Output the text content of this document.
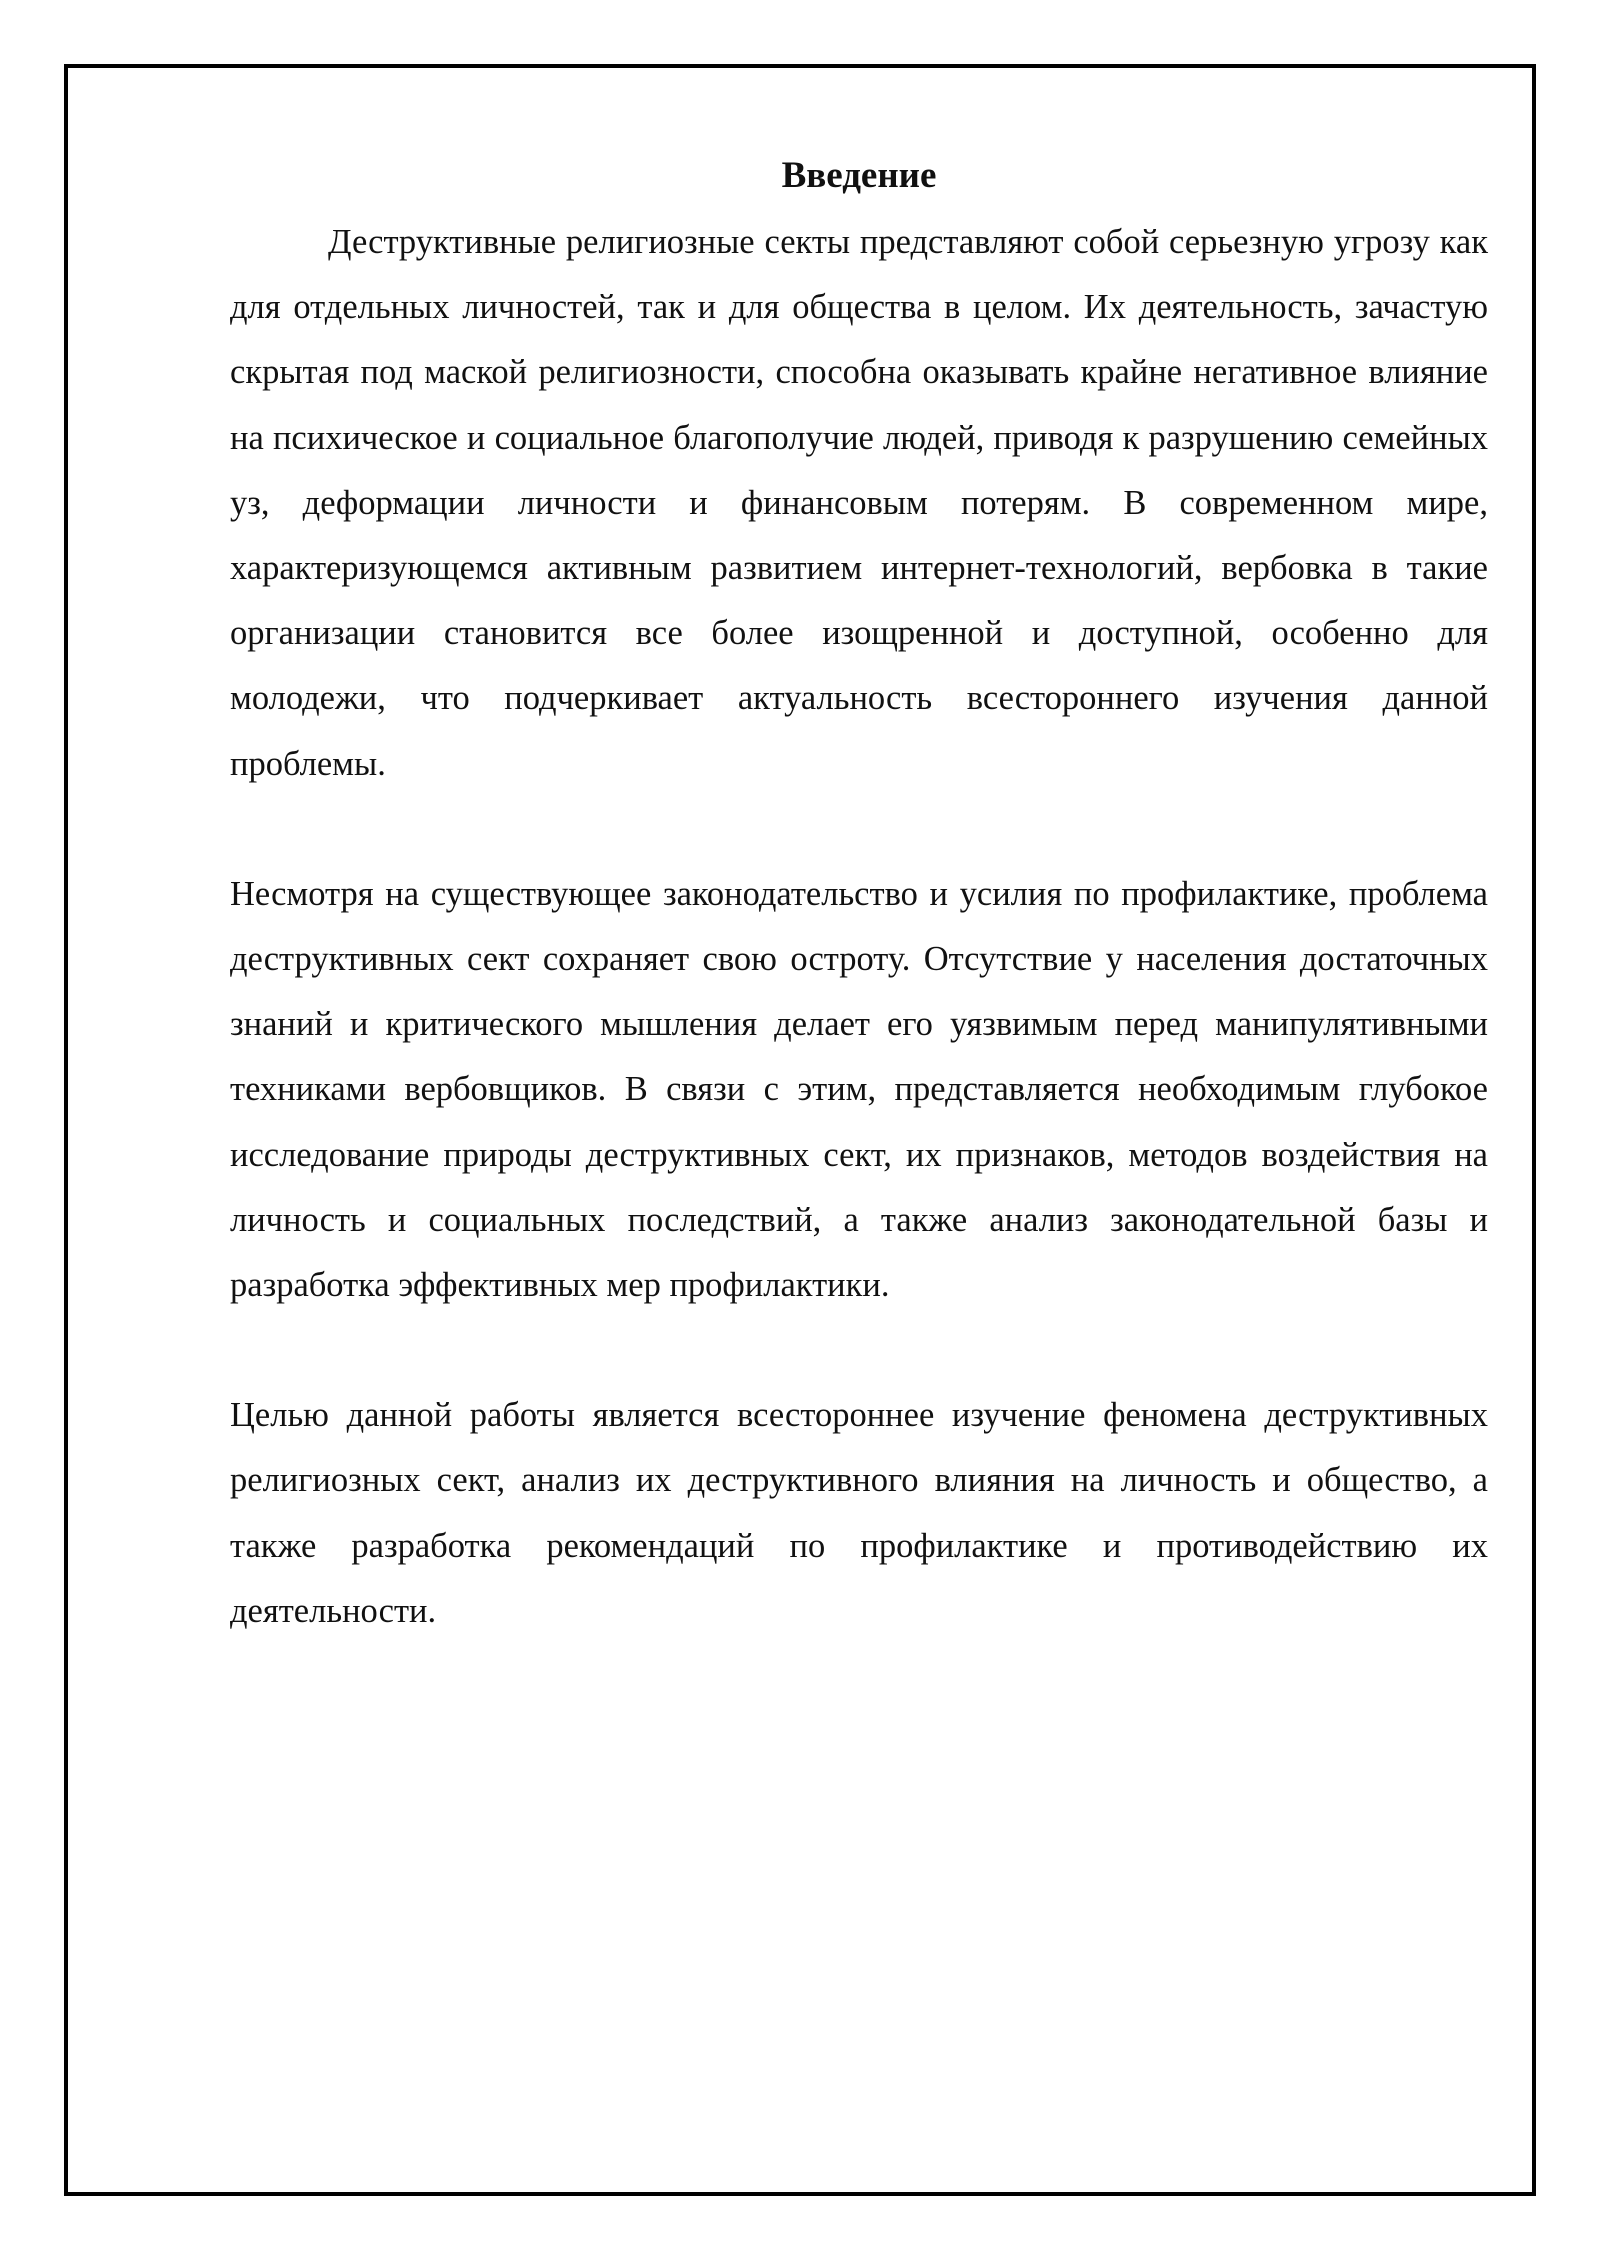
Введение

Деструктивные религиозные секты представляют собой серьезную угрозу как для отдельных личностей, так и для общества в целом. Их деятельность, зачастую скрытая под маской религиозности, способна оказывать крайне негативное влияние на психическое и социальное благополучие людей, приводя к разрушению семейных уз, деформации личности и финансовым потерям. В современном мире, характеризующемся активным развитием интернет-технологий, вербовка в такие организации становится все более изощренной и доступной, особенно для молодежи, что подчеркивает актуальность всестороннего изучения данной проблемы.

Несмотря на существующее законодательство и усилия по профилактике, проблема деструктивных сект сохраняет свою остроту. Отсутствие у населения достаточных знаний и критического мышления делает его уязвимым перед манипулятивными техниками вербовщиков. В связи с этим, представляется необходимым глубокое исследование природы деструктивных сект, их признаков, методов воздействия на личность и социальных последствий, а также анализ законодательной базы и разработка эффективных мер профилактики.

Целью данной работы является всестороннее изучение феномена деструктивных религиозных сект, анализ их деструктивного влияния на личность и общество, а также разработка рекомендаций по профилактике и противодействию их деятельности.
